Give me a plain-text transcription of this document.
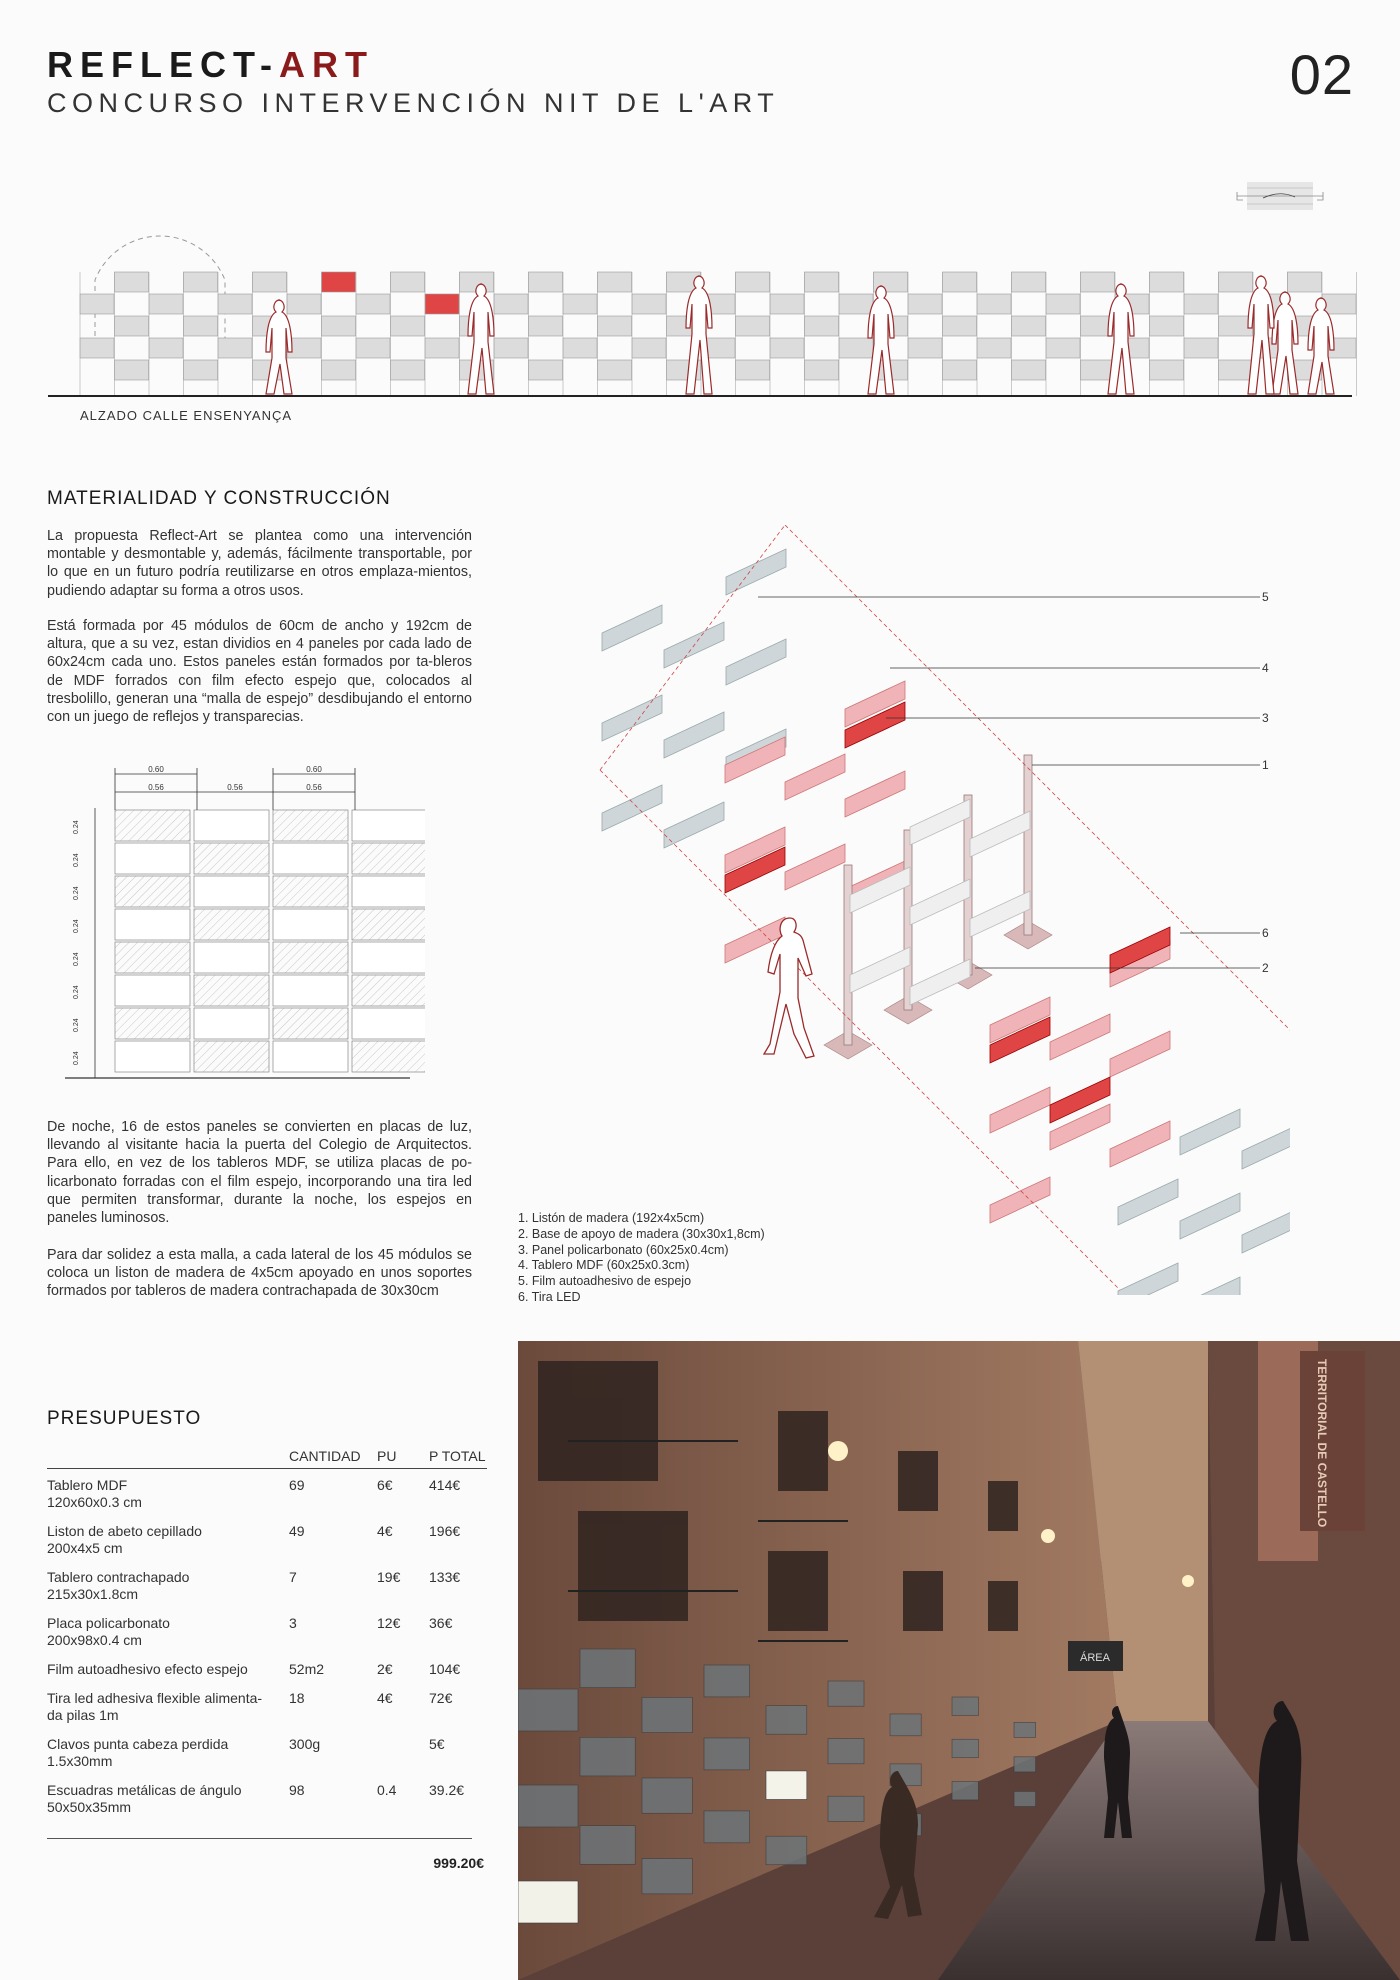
REFLECT-ART
CONCURSO INTERVENCIÓN NIT DE L'ART	02
ALZADO CALLE ENSENYANÇA
MATERIALIDAD Y CONSTRUCCIÓN
La propuesta Reflect-Art se plantea como una intervención montable y desmontable y, además, fácilmente transportable, por lo que en un futuro podría reutilizarse en otros emplaza-mientos, pudiendo adaptar su forma a otros usos.
Está formada por 45 módulos de 60cm de ancho y 192cm de altura, que a su vez, estan dividios en 4 paneles por cada lado de 60x24cm cada uno. Estos paneles están formados por ta-bleros de MDF forrados con film efecto espejo que, colocados al tresbolillo, generan una “malla de espejo” desdibujando el entorno con un juego de reflejos y transparecias.
0.60
0.56	0.56
0.60
0.56
0.24
0.24
0.24
0.24
0.24
0.24
0.24
0.24
De noche, 16 de estos paneles se convierten en placas de luz, llevando al visitante hacia la puerta del Colegio de Arquitectos. Para ello, en vez de los tableros MDF, se utiliza placas de po-licarbonato forradas con el film espejo, incorporando una tira led que permiten transformar, durante la noche, los espejos en paneles luminosos.
Para dar solidez a esta malla, a cada lateral de los 45 módulos se coloca un liston de madera de 4x5cm apoyado en unos soportes formados por tableros de madera contrachapada de 30x30cm
5
4
3
1
6
2
1. Listón de madera (192x4x5cm)
2. Base de apoyo de madera (30x30x1,8cm)
3. Panel policarbonato (60x25x0.4cm)
4. Tablero MDF (60x25x0.3cm)
5. Film autoadhesivo de espejo
6. Tira LED
PRESUPUESTO
	CANTIDAD	PU	P TOTAL

Tablero MDF
120x60x0.3 cm	69	6€	414€

Liston de abeto cepillado
200x4x5 cm	49	4€	196€

Tablero contrachapado
215x30x1.8cm	7	19€	133€

Placa policarbonato
200x98x0.4 cm	3	12€	36€

Film autoadhesivo efecto espejo	52m2	2€	104€

Tira led adhesiva flexible alimenta-
da pilas 1m	18	4€	72€

Clavos punta cabeza perdida
1.5x30mm	300g		5€

Escuadras metálicas de ángulo
50x50x35mm	98	0.4	39.2€
999.20€
ÁREA
TERRITORIAL DE CASTELLO
